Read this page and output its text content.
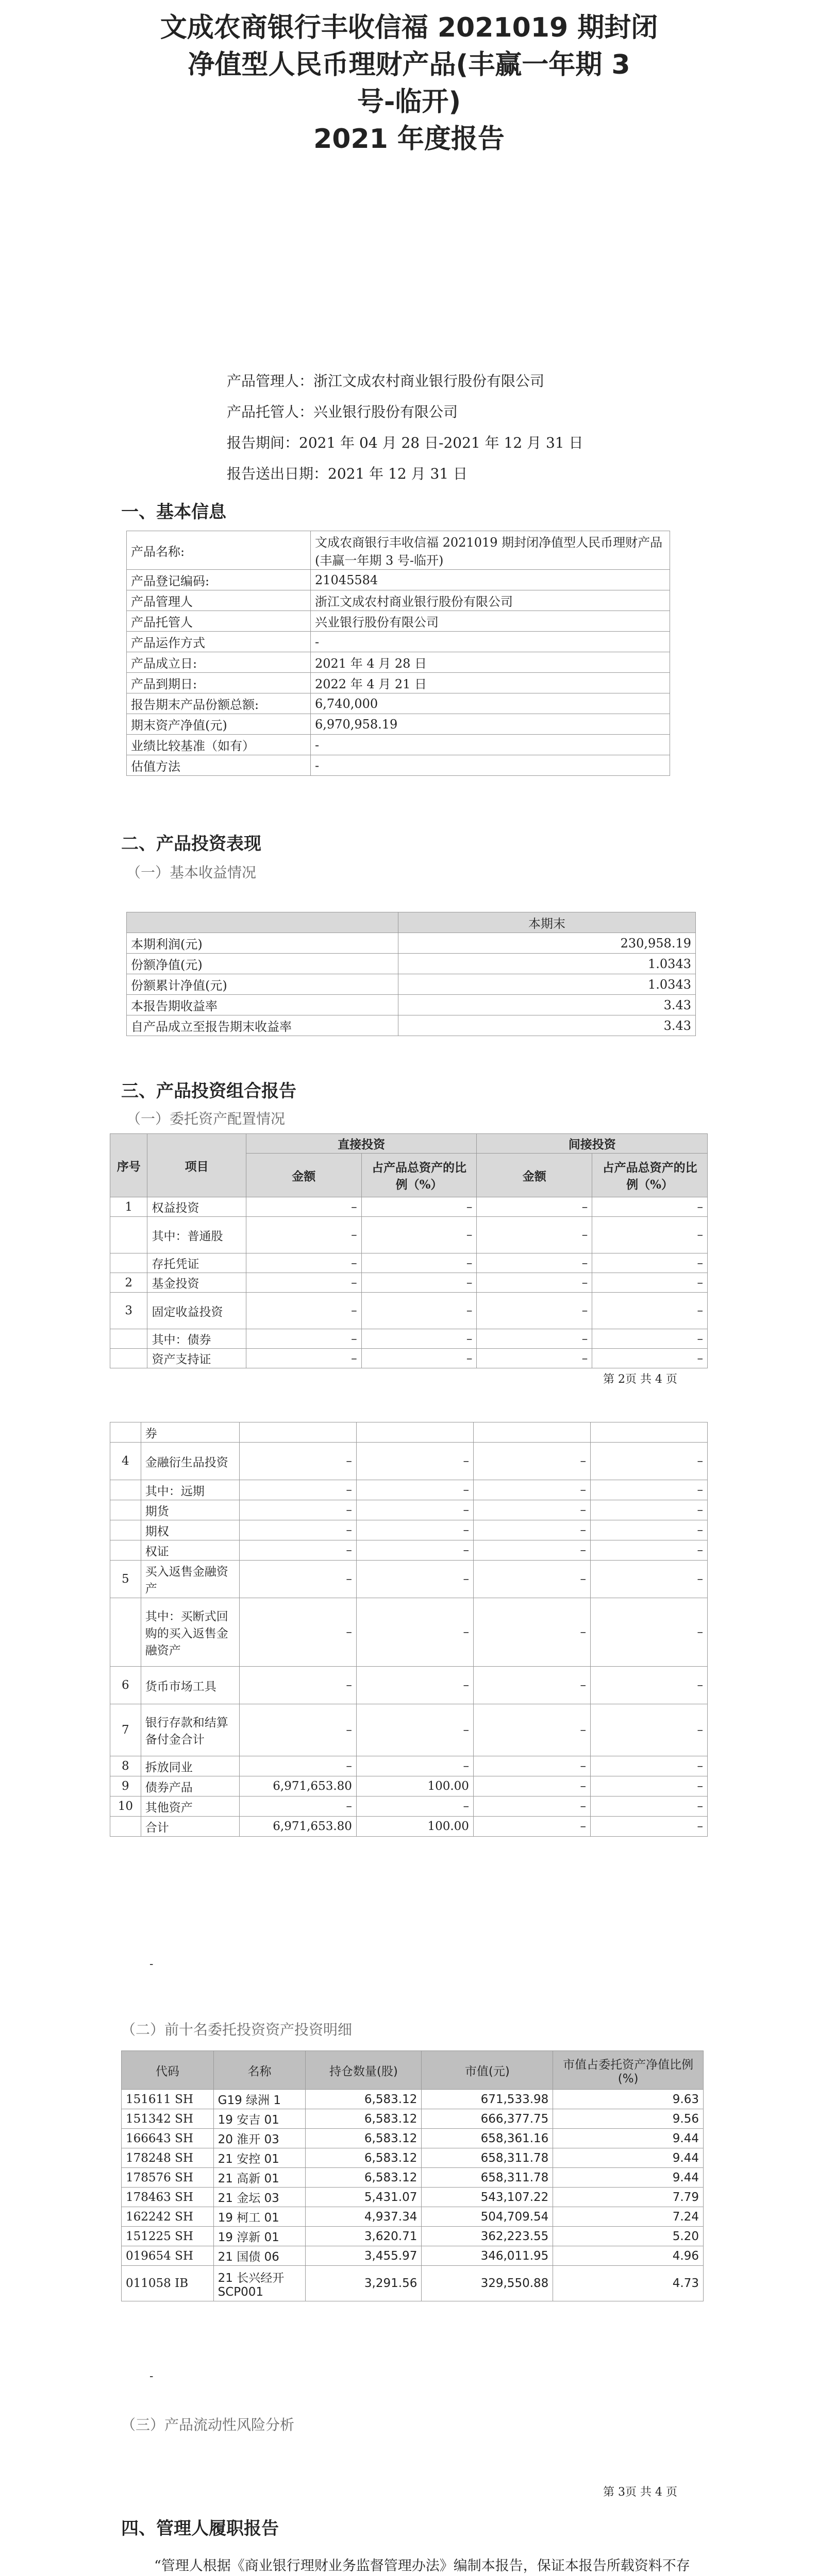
文成农商银行丰收信福 2021019 期封闭
净值型人民币理财产品(丰赢一年期 3
号-临开)
2021 年度报告
产品管理人：浙江文成农村商业银行股份有限公司
产品托管人：兴业银行股份有限公司
报告期间：2021 年 04 月 28 日-2021 年 12 月 31 日
报告送出日期：2021 年 12 月 31 日
一、基本信息
产品名称:	文成农商银行丰收信福 2021019 期封闭净值型人民币理财产品(丰赢一年期 3 号-临开)
产品登记编码:	21045584
产品管理人	浙江文成农村商业银行股份有限公司
产品托管人	兴业银行股份有限公司
产品运作方式	-
产品成立日:	2021 年 4 月 28 日
产品到期日:	2022 年 4 月 21 日
报告期末产品份额总额:	6,740,000
期末资产净值(元)	6,970,958.19
业绩比较基准（如有）	-
估值方法	-
二、产品投资表现
（一）基本收益情况
	本期末
本期利润(元)	230,958.19
份额净值(元)	1.0343
份额累计净值(元)	1.0343
本报告期收益率	3.43
自产品成立至报告期末收益率	3.43
三、产品投资组合报告
（一）委托资产配置情况
序号	项目	直接投资		间接投资	
		金额	占产品总资产的比例（%）	金额	占产品总资产的比例（%）
1	权益投资	–	–	–	–
	其中：普通股	–	–	–	–
	存托凭证	–	–	–	–
2	基金投资	–	–	–	–
3	固定收益投资	–	–	–	–
	其中：债券	–	–	–	–
	资产支持证	–	–	–	–
第 2页 共 4 页
	券				
4	金融衍生品投资	–	–	–	–
	其中：远期	–	–	–	–
	期货	–	–	–	–
	期权	–	–	–	–
	权证	–	–	–	–
5	买入返售金融资产	–	–	–	–
	其中：买断式回购的买入返售金融资产	–	–	–	–
6	货币市场工具	–	–	–	–
7	银行存款和结算备付金合计	–	–	–	–
8	拆放同业	–	–	–	–
9	债券产品	6,971,653.80	100.00	–	–
10	其他资产	–	–	–	–
	合计	6,971,653.80	100.00	–	–
-
（二）前十名委托投资资产投资明细
代码	名称	持仓数量(股)	市值(元)	市值占委托资产净值比例(%)
151611 SH	G19 绿洲 1	6,583.12	671,533.98	9.63
151342 SH	19 安吉 01	6,583.12	666,377.75	9.56
166643 SH	20 淮开 03	6,583.12	658,361.16	9.44
178248 SH	21 安控 01	6,583.12	658,311.78	9.44
178576 SH	21 高新 01	6,583.12	658,311.78	9.44
178463 SH	21 金坛 03	5,431.07	543,107.22	7.79
162242 SH	19 柯工 01	4,937.34	504,709.54	7.24
151225 SH	19 淳新 01	3,620.71	362,223.55	5.20
019654 SH	21 国债 06	3,455.97	346,011.95	4.96
011058 IB	21 长兴经开 SCP001	3,291.56	329,550.88	4.73
-
（三）产品流动性风险分析
第 3页 共 4 页
四、管理人履职报告
“管理人根据《商业银行理财业务监督管理办法》编制本报告，保证本报告所载资料不存
